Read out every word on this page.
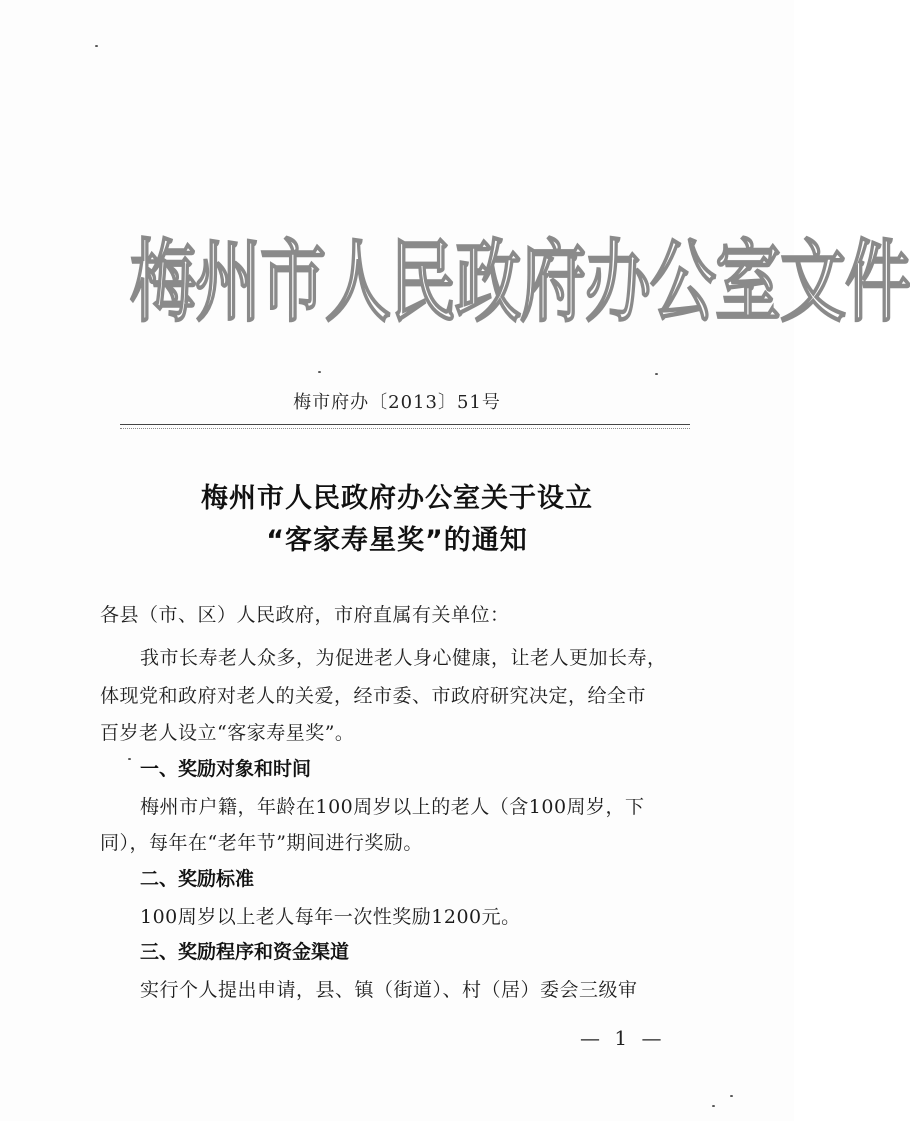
梅州市人民政府办公室文件
梅市府办〔2013〕51号
梅州市人民政府办公室关于设立
“客家寿星奖”的通知
各县（市、区）人民政府，市府直属有关单位：
我市长寿老人众多，为促进老人身心健康，让老人更加长寿，
体现党和政府对老人的关爱，经市委、市政府研究决定，给全市
百岁老人设立“客家寿星奖”。
一、奖励对象和时间
梅州市户籍，年龄在100周岁以上的老人（含100周岁，下
同），每年在“老年节”期间进行奖励。
二、奖励标准
100周岁以上老人每年一次性奖励1200元。
三、奖励程序和资金渠道
实行个人提出申请，县、镇（街道）、村（居）委会三级审
— 1 —
